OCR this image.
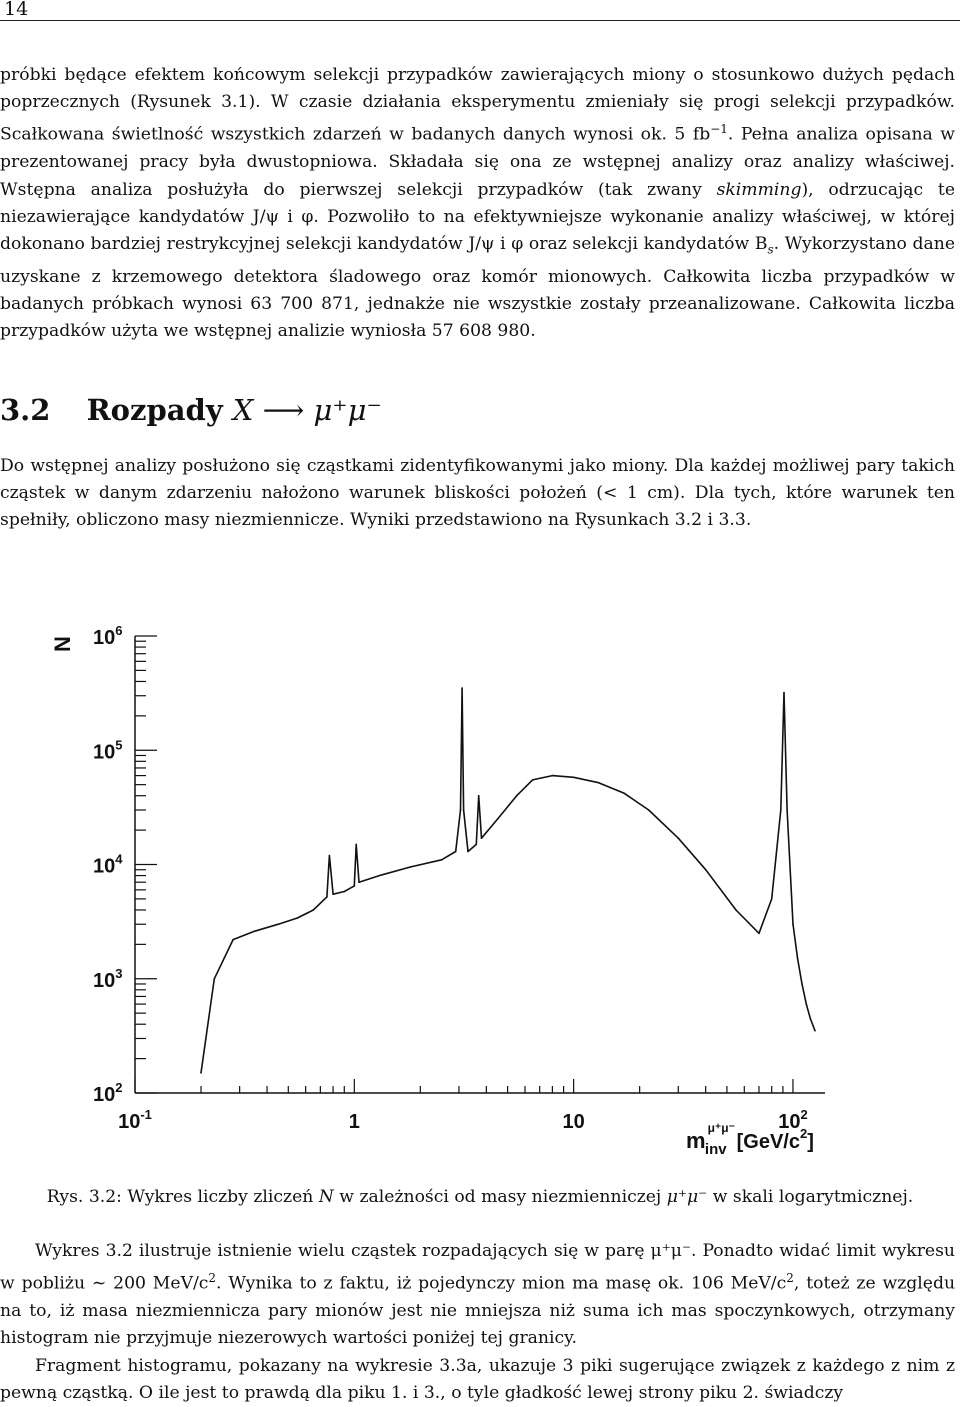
14
próbki będące efektem końcowym selekcji przypadków zawierających miony o stosunkowo dużych pędach poprzecznych (Rysunek 3.1). W czasie działania eksperymentu zmieniały się progi selekcji przypadków. Scałkowana świetlność wszystkich zdarzeń w badanych danych wynosi ok. 5 $fb^{-1}$. Pełna analiza opisana w prezentowanej pracy była dwustopniowa. Składała się ona ze wstępnej analizy oraz analizy właściwej. Wstępna analiza posłużyła do pierwszej selekcji przypadków (tak zwany skimming), odrzucając te niezawierające kandydatów J/ψ i φ. Pozwoliło to na efektywniejsze wykonanie analizy właściwej, w której dokonano bardziej restrykcyjnej selekcji kandydatów J/ψ i φ oraz selekcji kandydatów $B_s$. Wykorzystano dane uzyskane z krzemowego detektora śladowego oraz komór mionowych. Całkowita liczba przypadków w badanych próbkach wynosi 63 700 871, jednakże nie wszystkie zostały przeanalizowane. Całkowita liczba przypadków użyta we wstępnej analizie wyniosła 57 608 980.
3.2 Rozpady X ⟶ μ⁺μ⁻
Do wstępnej analizy posłużono się cząstkami zidentyfikowanymi jako miony. Dla każdej możliwej pary takich cząstek w danym zdarzeniu nałożono warunek bliskości położeń (< 1 cm). Dla tych, które warunek ten spełniły, obliczono masy niezmiennicze. Wyniki przedstawiono na Rysunkach 3.2 i 3.3.
N $10^6$
$10^5$
$10^4$
$10^3$
$10^2$
$10^{-1}$	1	10	$10^2$
m $^{\mu^+\mu^-}$ inv $[GeV/c^2]$
Rys. 3.2: Wykres liczby zliczeń N w zależności od masy niezmienniczej μ⁺μ⁻ w skali logarytmicznej.
Wykres 3.2 ilustruje istnienie wielu cząstek rozpadających się w parę μ⁺μ⁻. Ponadto widać limit wykresu w pobliżu ∼ 200 MeV/$c^2$. Wynika to z faktu, iż pojedynczy mion ma masę ok. 106 MeV/$c^2$, toteż ze względu na to, iż masa niezmiennicza pary mionów jest nie mniejsza niż suma ich mas spoczynkowych, otrzymany histogram nie przyjmuje niezerowych wartości poniżej tej granicy.
Fragment histogramu, pokazany na wykresie 3.3a, ukazuje 3 piki sugerujące związek z każdego z nim z pewną cząstką. O ile jest to prawdą dla piku 1. i 3., o tyle gładkość lewej strony piku 2. świadczy
